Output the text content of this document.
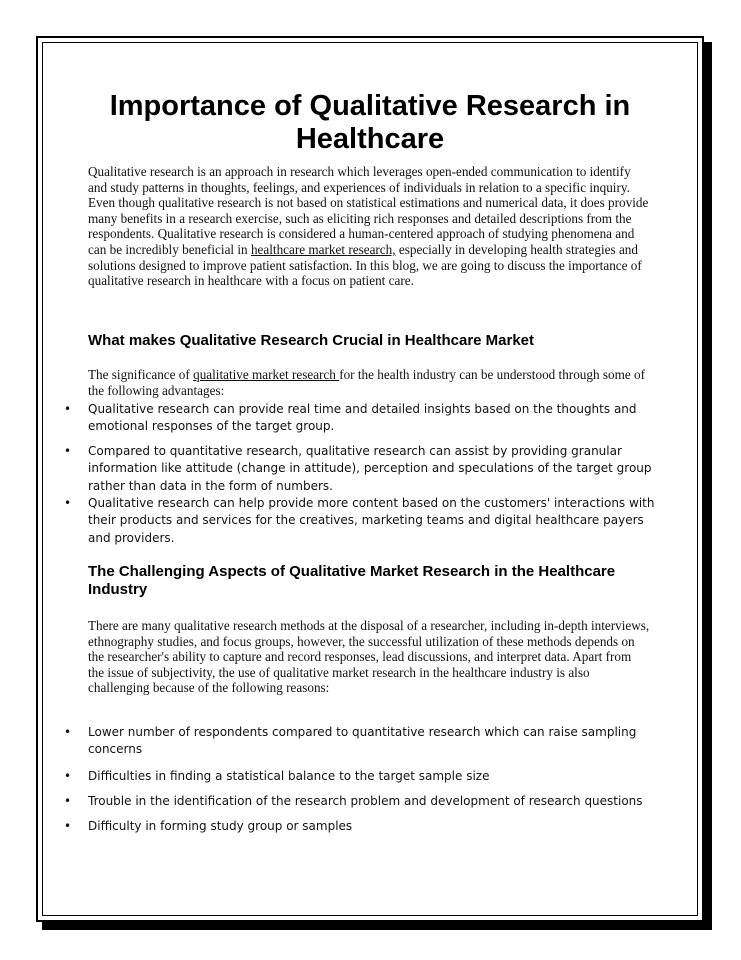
Importance of Qualitative Research in Healthcare

Qualitative research is an approach in research which leverages open-ended communication to identify and study patterns in thoughts, feelings, and experiences of individuals in relation to a specific inquiry. Even though qualitative research is not based on statistical estimations and numerical data, it does provide many benefits in a research exercise, such as eliciting rich responses and detailed descriptions from the respondents. Qualitative research is considered a human-centered approach of studying phenomena and can be incredibly beneficial in healthcare market research, especially in developing health strategies and solutions designed to improve patient satisfaction. In this blog, we are going to discuss the importance of qualitative research in healthcare with a focus on patient care.

What makes Qualitative Research Crucial in Healthcare Market

The significance of qualitative market research for the health industry can be understood through some of the following advantages:

• Qualitative research can provide real time and detailed insights based on the thoughts and emotional responses of the target group.
• Compared to quantitative research, qualitative research can assist by providing granular information like attitude (change in attitude), perception and speculations of the target group rather than data in the form of numbers.
• Qualitative research can help provide more content based on the customers' interactions with their products and services for the creatives, marketing teams and digital healthcare payers and providers.
The Challenging Aspects of Qualitative Market Research in the Healthcare Industry

There are many qualitative research methods at the disposal of a researcher, including in-depth interviews, ethnography studies, and focus groups, however, the successful utilization of these methods depends on the researcher's ability to capture and record responses, lead discussions, and interpret data. Apart from the issue of subjectivity, the use of qualitative market research in the healthcare industry is also challenging because of the following reasons:

• Lower number of respondents compared to quantitative research which can raise sampling concerns
• Difficulties in finding a statistical balance to the target sample size
• Trouble in the identification of the research problem and development of research questions
• Difficulty in forming study group or samples
